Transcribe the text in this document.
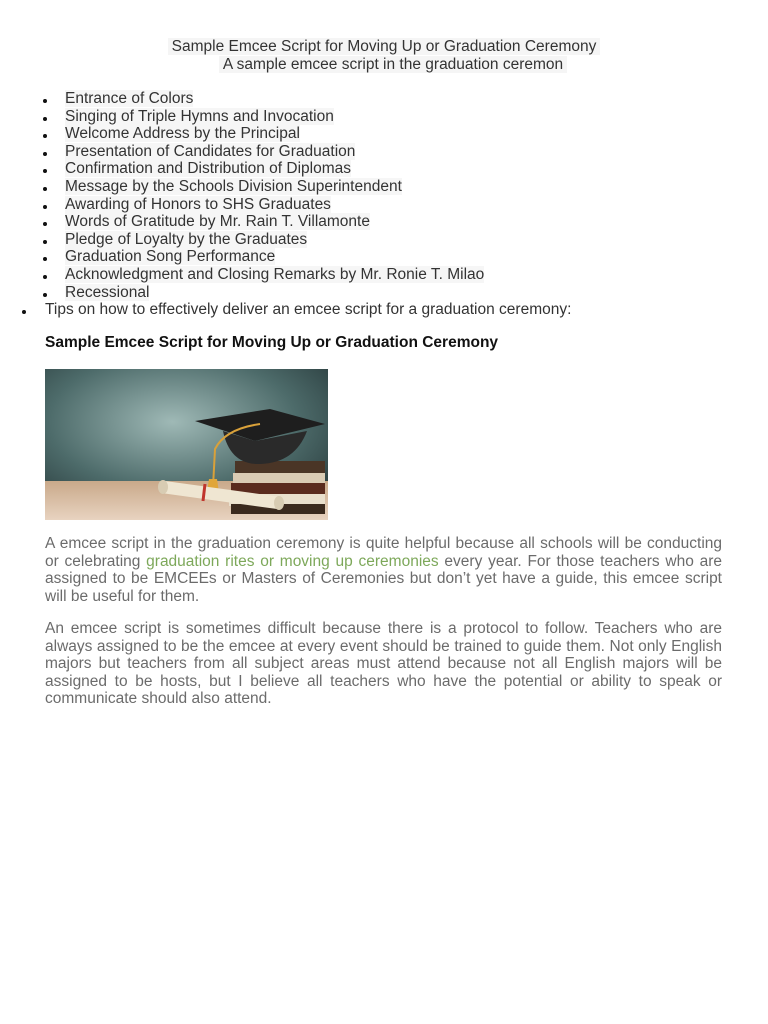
Sample Emcee Script for Moving Up or Graduation Ceremony
A sample emcee script in the graduation ceremon
Entrance of Colors
Singing of Triple Hymns and Invocation
Welcome Address by the Principal
Presentation of Candidates for Graduation
Confirmation and Distribution of Diplomas
Message by the Schools Division Superintendent
Awarding of Honors to SHS Graduates
Words of Gratitude by Mr. Rain T. Villamonte
Pledge of Loyalty by the Graduates
Graduation Song Performance
Acknowledgment and Closing Remarks by Mr. Ronie T. Milao
Recessional
Tips on how to effectively deliver an emcee script for a graduation ceremony:
Sample Emcee Script for Moving Up or Graduation Ceremony

A emcee script in the graduation ceremony is quite helpful because all schools will be conducting or celebrating graduation rites or moving up ceremonies every year. For those teachers who are assigned to be EMCEEs or Masters of Ceremonies but don’t yet have a guide, this emcee script will be useful for them.

An emcee script is sometimes difficult because there is a protocol to follow. Teachers who are always assigned to be the emcee at every event should be trained to guide them. Not only English majors but teachers from all subject areas must attend because not all English majors will be assigned to be hosts, but I believe all teachers who have the potential or ability to speak or communicate should also attend.
